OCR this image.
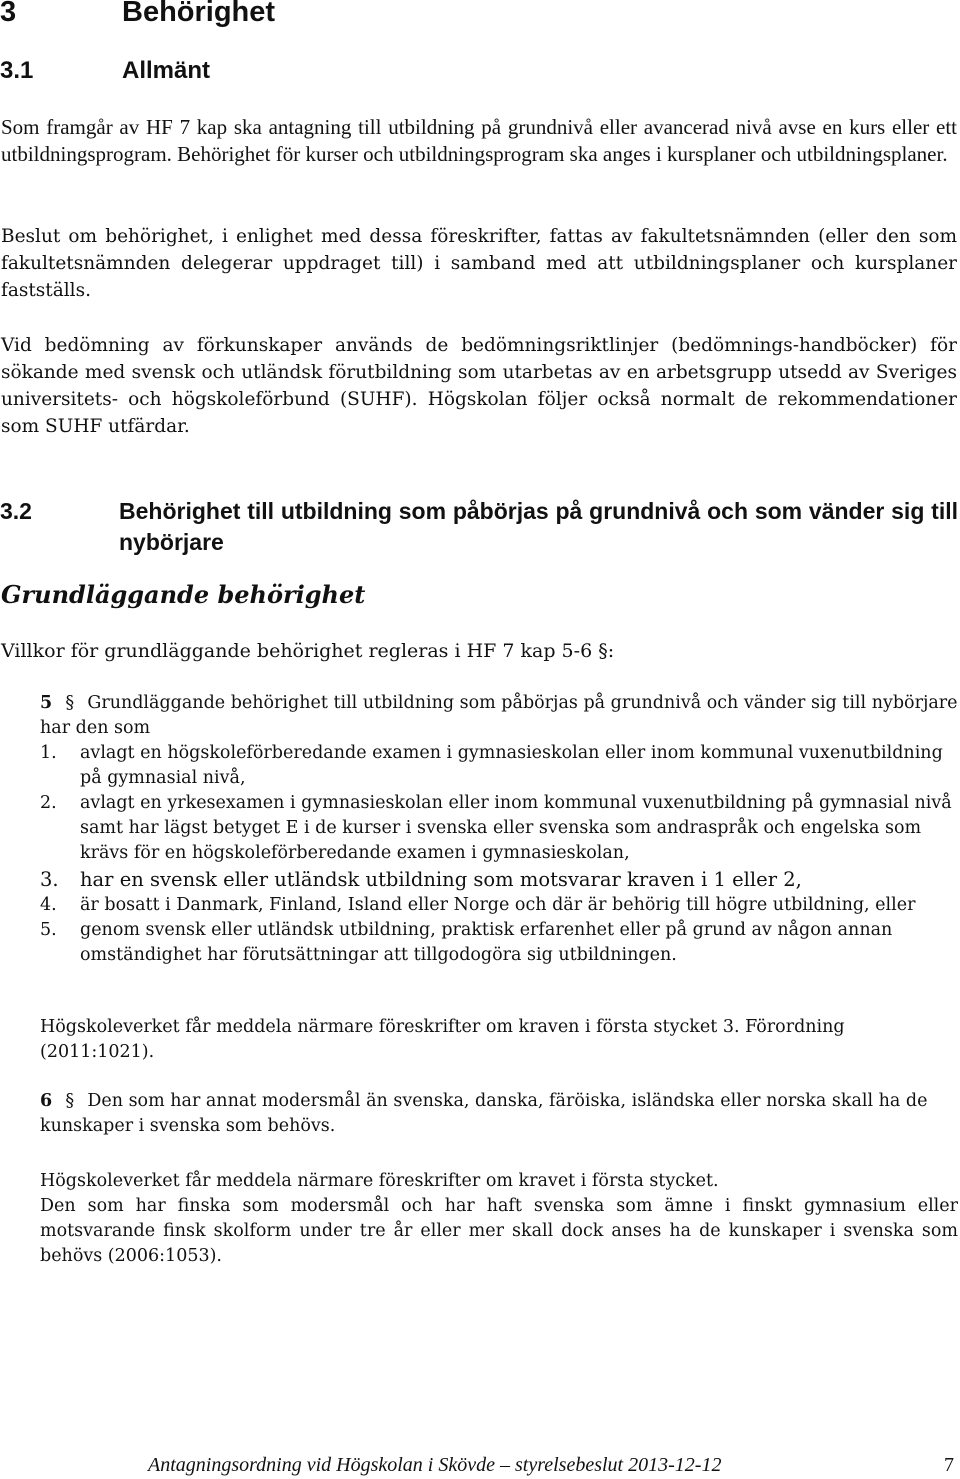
3	Behörighet
3.1	Allmänt
Som framgår av HF 7 kap ska antagning till utbildning på grundnivå eller avancerad nivå avse en kurs eller ett utbildningsprogram. Behörighet för kurser och utbildningsprogram ska anges i kursplaner och utbildningsplaner.
Beslut om behörighet, i enlighet med dessa föreskrifter, fattas av fakultetsnämnden (eller den som fakultetsnämnden delegerar uppdraget till) i samband med att utbildningsplaner och kursplaner fastställs.
Vid bedömning av förkunskaper används de bedömningsriktlinjer (bedömnings-handböcker) för sökande med svensk och utländsk förutbildning som utarbetas av en arbetsgrupp utsedd av Sveriges universitets- och högskoleförbund (SUHF). Högskolan följer också normalt de rekommendationer som SUHF utfärdar.
3.2	Behörighet till utbildning som påbörjas på grundnivå och som vänder sig till nybörjare
Grundläggande behörighet
Villkor för grundläggande behörighet regleras i HF 7 kap 5-6 §:
5 § Grundläggande behörighet till utbildning som påbörjas på grundnivå och vänder sig till nybörjare har den som
1. avlagt en högskoleförberedande examen i gymnasieskolan eller inom kommunal vuxenutbildning på gymnasial nivå,
2. avlagt en yrkesexamen i gymnasieskolan eller inom kommunal vuxenutbildning på gymnasial nivå samt har lägst betyget E i de kurser i svenska eller svenska som andraspråk och engelska som krävs för en högskoleförberedande examen i gymnasieskolan,
3. har en svensk eller utländsk utbildning som motsvarar kraven i 1 eller 2,
4. är bosatt i Danmark, Finland, Island eller Norge och där är behörig till högre utbildning, eller
5. genom svensk eller utländsk utbildning, praktisk erfarenhet eller på grund av någon annan omständighet har förutsättningar att tillgodogöra sig utbildningen.
Högskoleverket får meddela närmare föreskrifter om kraven i första stycket 3. Förordning (2011:1021).
6 § Den som har annat modersmål än svenska, danska, färöiska, isländska eller norska skall ha de kunskaper i svenska som behövs.
Högskoleverket får meddela närmare föreskrifter om kravet i första stycket.
Den som har finska som modersmål och har haft svenska som ämne i finskt gymnasium eller motsvarande finsk skolform under tre år eller mer skall dock anses ha de kunskaper i svenska som behövs (2006:1053).
Antagningsordning vid Högskolan i Skövde – styrelsebeslut 2013-12-12	7
